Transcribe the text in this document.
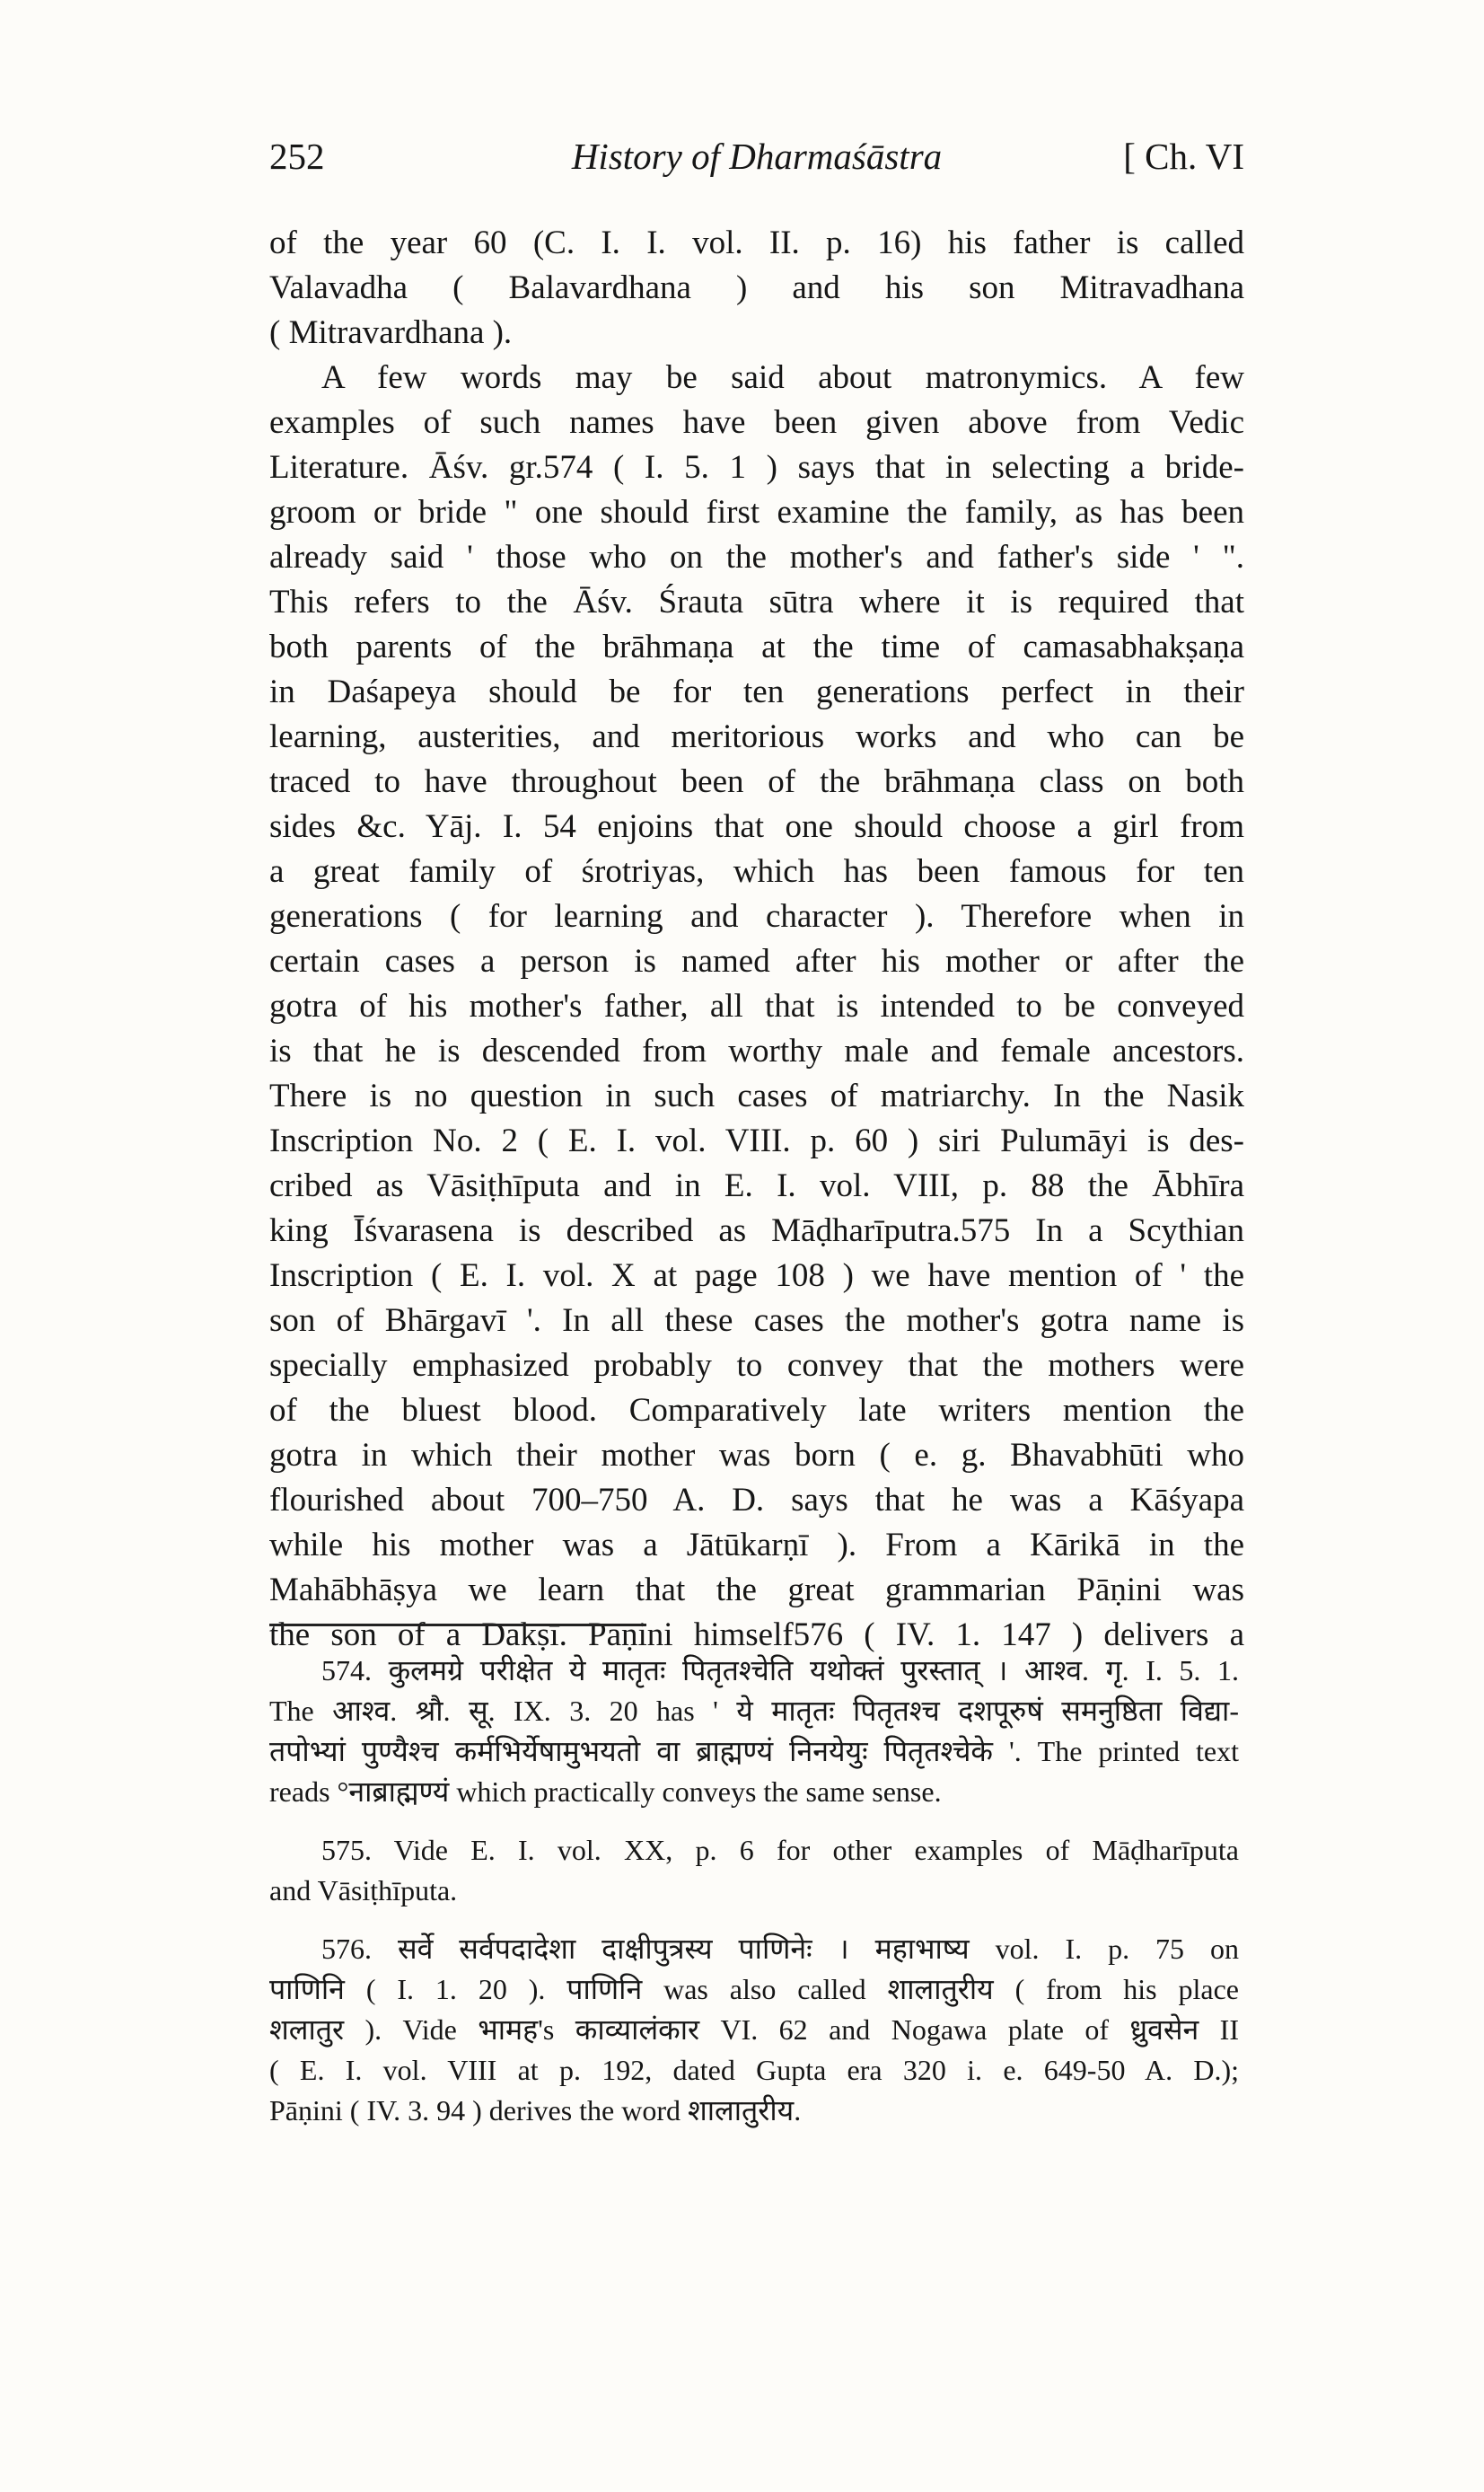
252	History of Dharmaśāstra	[ Ch. VI
of the year 60 (C. I. I. vol. II. p. 16) his father is called
Valavadha ( Balavardhana ) and his son Mitravadhana
( Mitravardhana ).
A few words may be said about matronymics. A few
examples of such names have been given above from Vedic
Literature. Āśv. gr.574 ( I. 5. 1 ) says that in selecting a bride-
groom or bride " one should first examine the family, as has been
already said ' those who on the mother's and father's side ' ".
This refers to the Āśv. Śrauta sūtra where it is required that
both parents of the brāhmaṇa at the time of camasabhakṣaṇa
in Daśapeya should be for ten generations perfect in their
learning, austerities, and meritorious works and who can be
traced to have throughout been of the brāhmaṇa class on both
sides &c. Yāj. I. 54 enjoins that one should choose a girl from
a great family of śrotriyas, which has been famous for ten
generations ( for learning and character ). Therefore when in
certain cases a person is named after his mother or after the
gotra of his mother's father, all that is intended to be conveyed
is that he is descended from worthy male and female ancestors.
There is no question in such cases of matriarchy. In the Nasik
Inscription No. 2 ( E. I. vol. VIII. p. 60 ) siri Pulumāyi is des-
cribed as Vāsiṭhīputa and in E. I. vol. VIII, p. 88 the Ābhīra
king Īśvarasena is described as Māḍharīputra.575 In a Scythian
Inscription ( E. I. vol. X at page 108 ) we have mention of ' the
son of Bhārgavī '. In all these cases the mother's gotra name is
specially emphasized probably to convey that the mothers were
of the bluest blood. Comparatively late writers mention the
gotra in which their mother was born ( e. g. Bhavabhūti who
flourished about 700–750 A. D. says that he was a Kāśyapa
while his mother was a Jātūkarṇī ). From a Kārikā in the
Mahābhāṣya we learn that the great grammarian Pāṇini was
the son of a Dākṣī. Pāṇini himself576 ( IV. 1. 147 ) delivers a
574. कुलमग्रे परीक्षेत ये मातृतः पितृतश्चेति यथोक्तं पुरस्तात् । आश्व. गृ. I. 5. 1.
The आश्व. श्रौ. सू. IX. 3. 20 has ' ये मातृतः पितृतश्च दशपूरुषं समनुष्ठिता विद्या-
तपोभ्यां पुण्यैश्च कर्मभिर्येषामुभयतो वा ब्राह्मण्यं निनयेयुः पितृतश्चेके '. The printed text
reads °नाब्राह्मण्यं which practically conveys the same sense.
575. Vide E. I. vol. XX, p. 6 for other examples of Māḍharīputa
and Vāsiṭhīputa.
576. सर्वे सर्वपदादेशा दाक्षीपुत्रस्य पाणिनेः । महाभाष्य vol. I. p. 75 on
पाणिनि ( I. 1. 20 ). पाणिनि was also called शालातुरीय ( from his place
शलातुर ). Vide भामह's काव्यालंकार VI. 62 and Nogawa plate of ध्रुवसेन II
( E. I. vol. VIII at p. 192, dated Gupta era 320 i. e. 649-50 A. D.);
Pāṇini ( IV. 3. 94 ) derives the word शालातुरीय.
